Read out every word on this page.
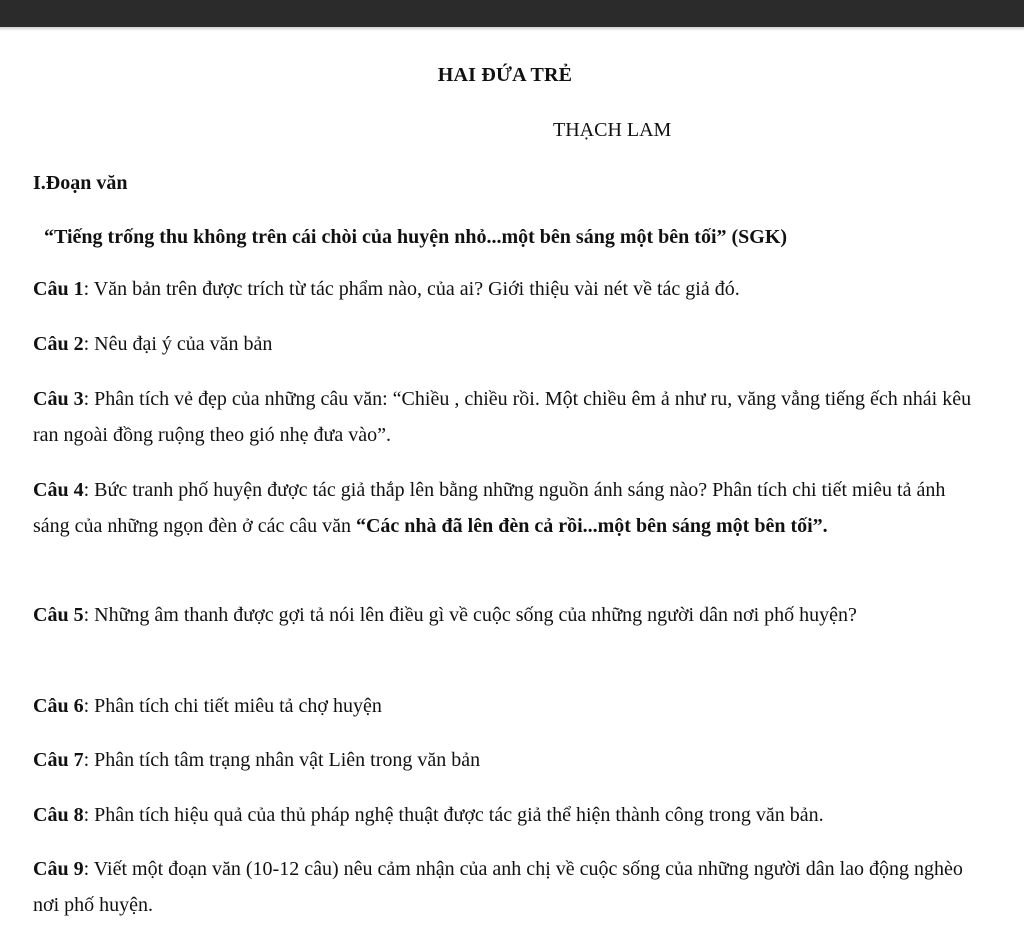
HAI ĐỨA TRẺ
THẠCH LAM
I.Đoạn văn
“Tiếng trống thu không trên cái chòi của huyện nhỏ...một bên sáng một bên tối” (SGK)
Câu 1: Văn bản trên được trích từ tác phẩm nào, của ai? Giới thiệu vài nét về tác giả đó.
Câu 2: Nêu đại ý của văn bản
Câu 3: Phân tích vẻ đẹp của những câu văn: “Chiều , chiều rồi. Một chiều êm ả như ru, văng vẳng tiếng ếch nhái kêu ran ngoài đồng ruộng theo gió nhẹ đưa vào”.
Câu 4: Bức tranh phố huyện được tác giả thắp lên bằng những nguồn ánh sáng nào? Phân tích chi tiết miêu tả ánh sáng của những ngọn đèn ở các câu văn “Các nhà đã lên đèn cả rồi...một bên sáng một bên tối”.
Câu 5: Những âm thanh được gợi tả nói lên điều gì về cuộc sống của những người dân nơi phố huyện?
Câu 6: Phân tích chi tiết miêu tả chợ huyện
Câu 7: Phân tích tâm trạng nhân vật Liên trong văn bản
Câu 8: Phân tích hiệu quả của thủ pháp nghệ thuật được tác giả thể hiện thành công trong văn bản.
Câu 9: Viết một đoạn văn (10-12 câu) nêu cảm nhận của anh chị về cuộc sống của những người dân lao động nghèo nơi phố huyện.
